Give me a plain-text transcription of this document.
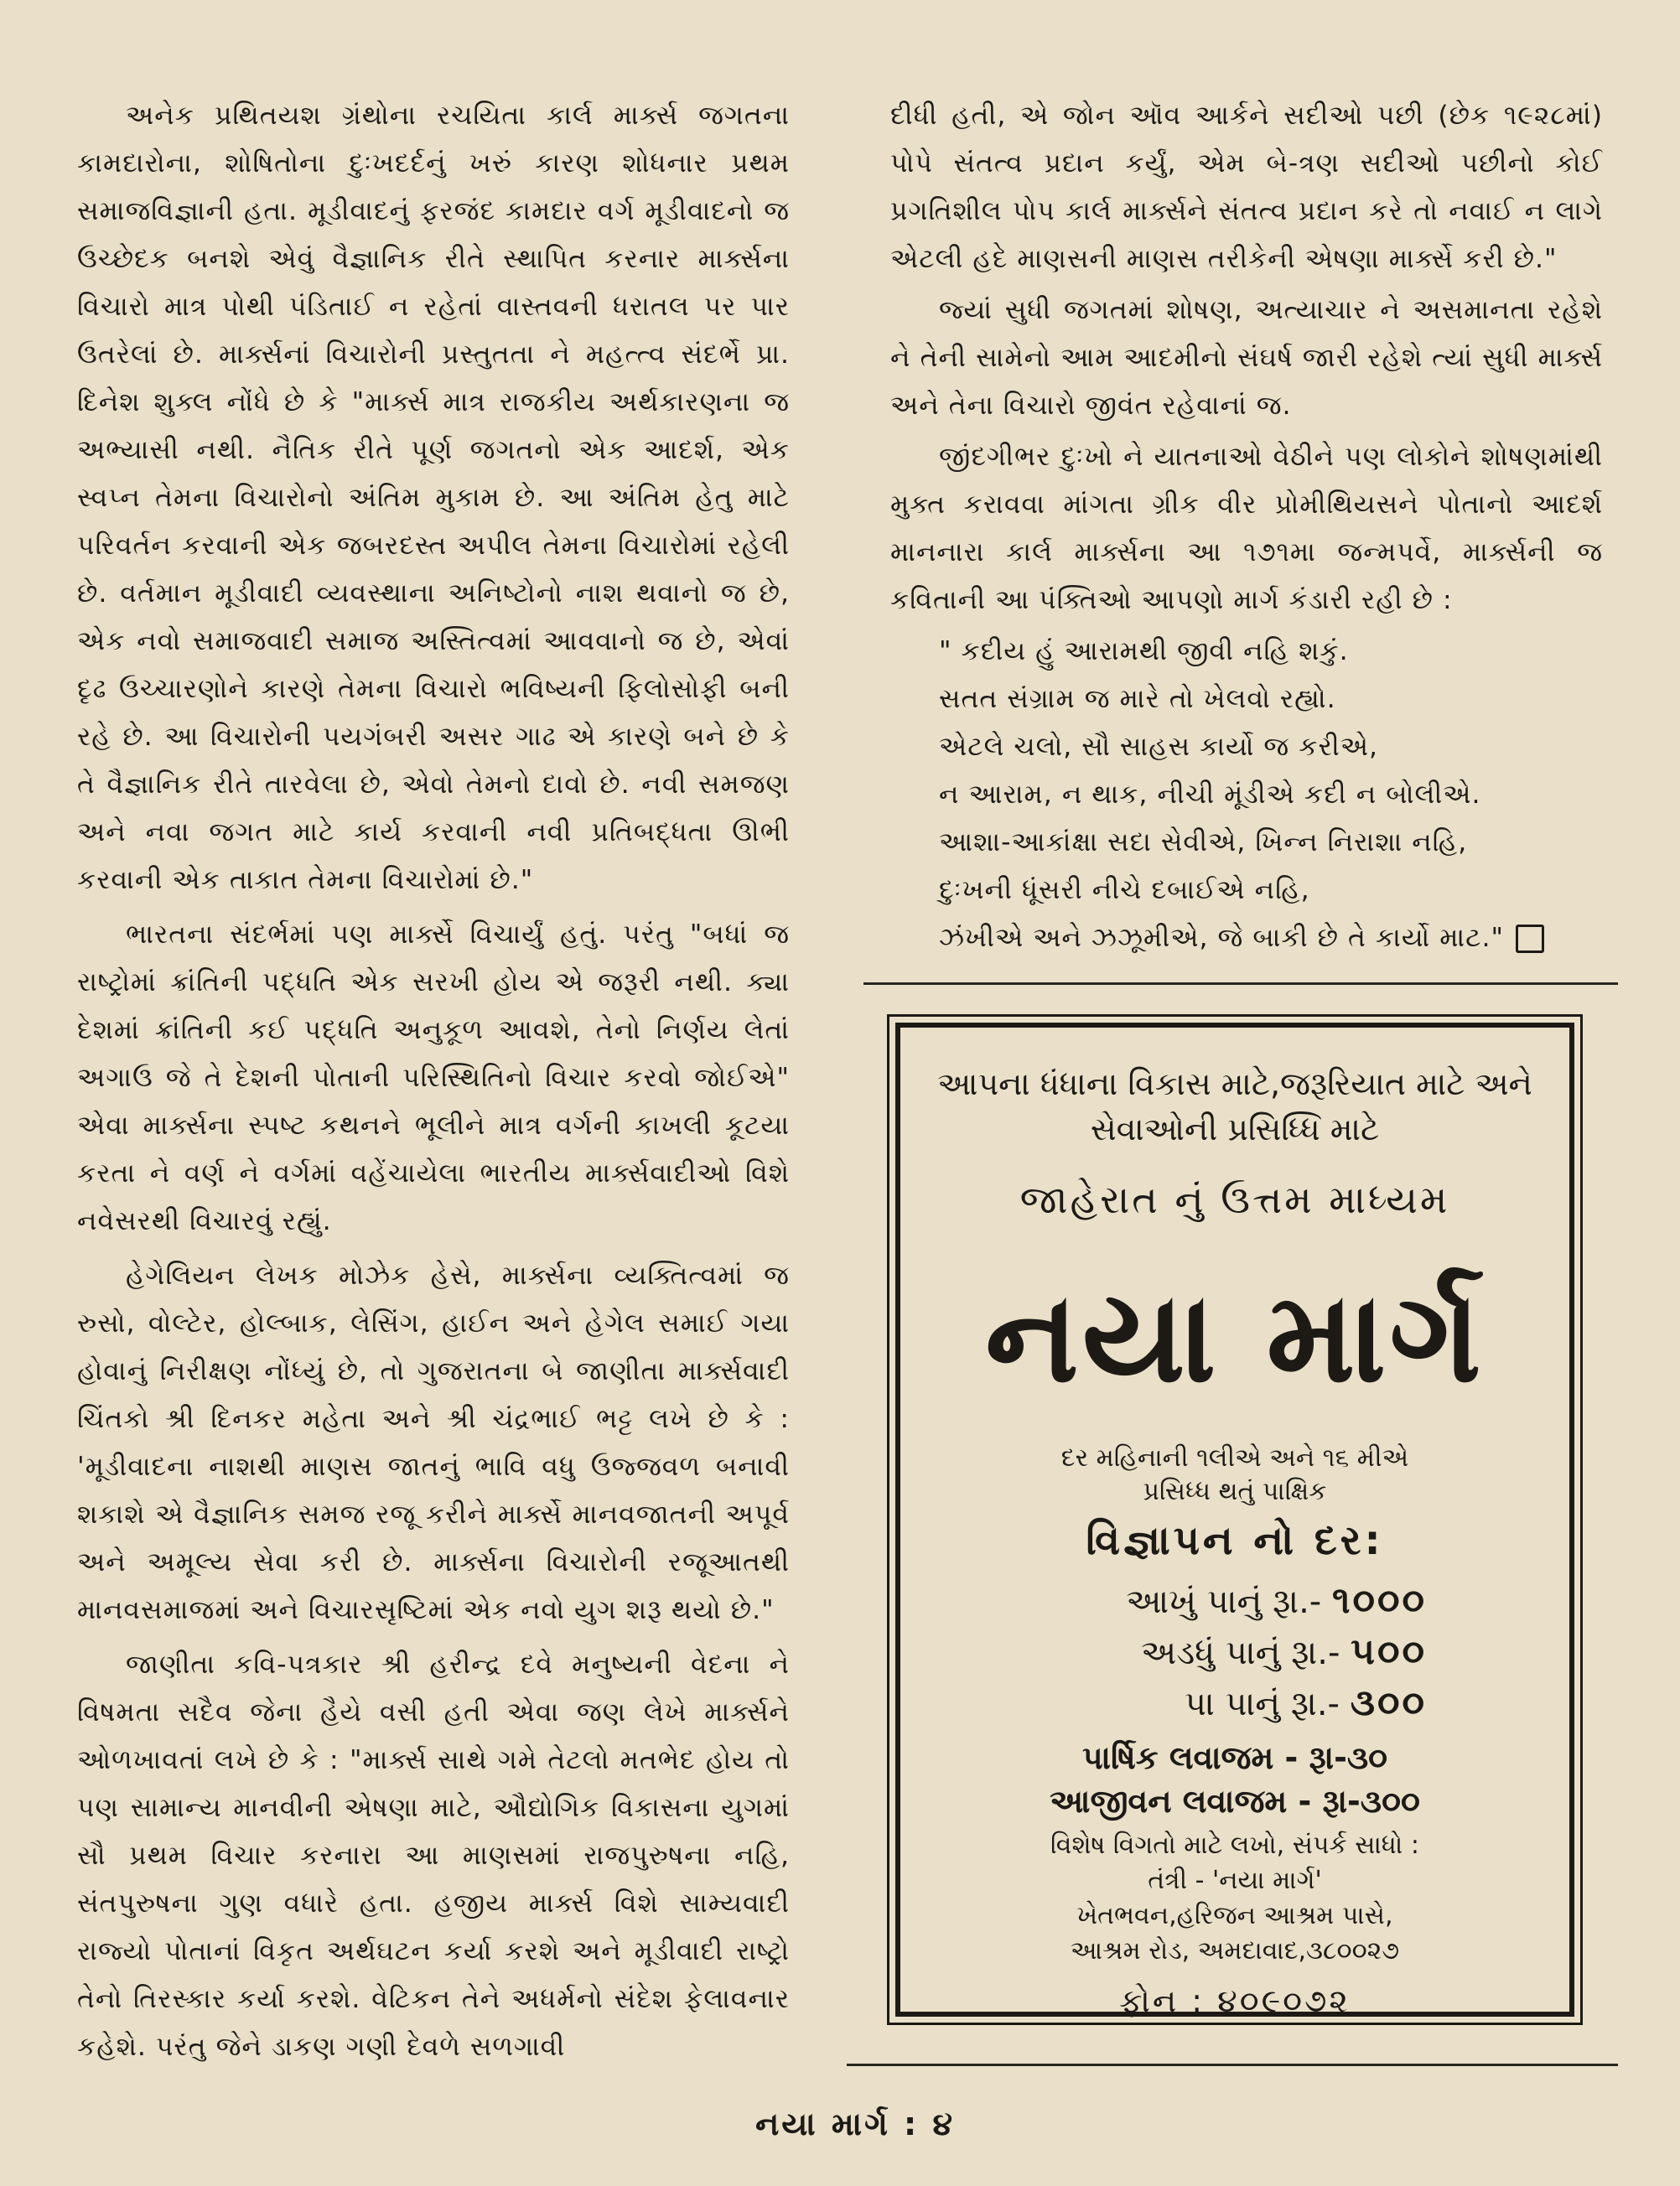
અનેક પ્રથિતયશ ગ્રંથોના રચયિતા કાર્લ માર્ક્સ જગતના કામદારોના, શોષિતોના દુઃખદર્દનું ખરું કારણ શોધનાર પ્રથમ સમાજવિજ્ઞાની હતા. મૂડીવાદનું ફરજંદ કામદાર વર્ગ મૂડીવાદનો જ ઉચ્છેદક બનશે એવું વૈજ્ઞાનિક રીતે સ્થાપિત કરનાર માર્ક્સના વિચારો માત્ર પોથી પંડિતાઈ ન રહેતાં વાસ્તવની ધરાતલ પર પાર ઉતરેલાં છે. માર્ક્સનાં વિચારોની પ્રસ્તુતતા ને મહત્ત્વ સંદર્ભે પ્રા. દિનેશ શુક્લ નોંધે છે કે "માર્ક્સ માત્ર રાજકીય અર્થકારણના જ અભ્યાસી નથી. નૈતિક રીતે પૂર્ણ જગતનો એક આદર્શ, એક સ્વપ્ન તેમના વિચારોનો અંતિમ મુકામ છે. આ અંતિમ હેતુ માટે પરિવર્તન કરવાની એક જબરદસ્ત અપીલ તેમના વિચારોમાં રહેલી છે. વર્તમાન મૂડીવાદી વ્યવસ્થાના અનિષ્ટોનો નાશ થવાનો જ છે, એક નવો સમાજવાદી સમાજ અસ્તિત્વમાં આવવાનો જ છે, એવાં દૃઢ ઉચ્ચારણોને કારણે તેમના વિચારો ભવિષ્યની ફિલોસોફી બની રહે છે. આ વિચારોની પયગંબરી અસર ગાઢ એ કારણે બને છે કે તે વૈજ્ઞાનિક રીતે તારવેલા છે, એવો તેમનો દાવો છે. નવી સમજણ અને નવા જગત માટે કાર્ય કરવાની નવી પ્રતિબદ્ધતા ઊભી કરવાની એક તાકાત તેમના વિચારોમાં છે."

ભારતના સંદર્ભમાં પણ માર્ક્સે વિચાર્યું હતું. પરંતુ "બધાં જ રાષ્ટ્રોમાં ક્રાંતિની પદ્ધતિ એક સરખી હોય એ જરૂરી નથી. ક્યા દેશમાં ક્રાંતિની કઈ પદ્ધતિ અનુકૂળ આવશે, તેનો નિર્ણય લેતાં અગાઉ જે તે દેશની પોતાની પરિસ્થિતિનો વિચાર કરવો જોઈએ" એવા માર્ક્સના સ્પષ્ટ કથનને ભૂલીને માત્ર વર્ગની કાખલી કૂટયા કરતા ને વર્ણ ને વર્ગમાં વહેંચાયેલા ભારતીય માર્ક્સવાદીઓ વિશે નવેસરથી વિચારવું રહ્યું.

હેગેલિયન લેખક મોઝેક હેસે, માર્ક્સના વ્યક્તિત્વમાં જ રુસો, વોલ્ટેર, હોલ્બાક, લેસિંગ, હાઈન અને હેગેલ સમાઈ ગયા હોવાનું નિરીક્ષણ નોંધ્યું છે, તો ગુજરાતના બે જાણીતા માર્ક્સવાદી ચિંતકો શ્રી દિનકર મહેતા અને શ્રી ચંદ્રભાઈ ભટ્ટ લખે છે કે : 'મૂડીવાદના નાશથી માણસ જાતનું ભાવિ વધુ ઉજ્જવળ બનાવી શકાશે એ વૈજ્ઞાનિક સમજ રજૂ કરીને માર્ક્સે માનવજાતની અપૂર્વ અને અમૂલ્ય સેવા કરી છે. માર્ક્સના વિચારોની રજૂઆતથી માનવસમાજમાં અને વિચારસૃષ્ટિમાં એક નવો યુગ શરૂ થયો છે."

જાણીતા કવિ-પત્રકાર શ્રી હરીન્દ્ર દવે મનુષ્યની વેદના ને વિષમતા સદૈવ જેના હૈયે વસી હતી એવા જણ લેખે માર્ક્સને ઓળખાવતાં લખે છે કે : "માર્ક્સ સાથે ગમે તેટલો મતભેદ હોય તો પણ સામાન્ય માનવીની એષણા માટે, ઔદ્યોગિક વિકાસના યુગમાં સૌ પ્રથમ વિચાર કરનારા આ માણસમાં રાજપુરુષના નહિ, સંતપુરુષના ગુણ વધારે હતા. હજીય માર્ક્સ વિશે સામ્યવાદી રાજ્યો પોતાનાં વિકૃત અર્થઘટન કર્યા કરશે અને મૂડીવાદી રાષ્ટ્રો તેનો તિરસ્કાર કર્યા કરશે. વેટિકન તેને અધર્મનો સંદેશ ફેલાવનાર કહેશે. પરંતુ જેને ડાકણ ગણી દેવળે સળગાવી

દીધી હતી, એ જોન ઑવ આર્કને સદીઓ પછી (છેક ૧૯૨૮માં) પોપે સંતત્વ પ્રદાન કર્યું, એમ બે-ત્રણ સદીઓ પછીનો કોઈ પ્રગતિશીલ પોપ કાર્લ માર્ક્સને સંતત્વ પ્રદાન કરે તો નવાઈ ન લાગે એટલી હદે માણસની માણસ તરીકેની એષણા માર્ક્સે કરી છે."

જ્યાં સુધી જગતમાં શોષણ, અત્યાચાર ને અસમાનતા રહેશે ને તેની સામેનો આમ આદમીનો સંઘર્ષ જારી રહેશે ત્યાં સુધી માર્ક્સ અને તેના વિચારો જીવંત રહેવાનાં જ.

જીંદગીભર દુઃખો ને યાતનાઓ વેઠીને પણ લોકોને શોષણમાંથી મુક્ત કરાવવા માંગતા ગ્રીક વીર પ્રોમીથિયસને પોતાનો આદર્શ માનનારા કાર્લ માર્ક્સના આ ૧૭૧મા જન્મપર્વે, માર્ક્સની જ કવિતાની આ પંક્તિઓ આપણો માર્ગ કંડારી રહી છે :

" કદીય હું આરામથી જીવી નહિ શકું.
સતત સંગ્રામ જ મારે તો ખેલવો રહ્યો.
એટલે ચલો, સૌ સાહસ કાર્યો જ કરીએ,
ન આરામ, ન થાક, નીચી મૂંડીએ કદી ન બોલીએ.
આશા-આકાંક્ષા સદા સેવીએ, ખિન્ન નિરાશા નહિ,
દુઃખની ધૂંસરી નીચે દબાઈએ નહિ,
ઝંખીએ અને ઝઝૂમીએ, જે બાકી છે તે કાર્યો માટ."
આપના ધંધાના વિકાસ માટે,જરૂરિયાત માટે અને
સેવાઓની પ્રસિધ્ધિ માટે
જાહેરાત નું ઉત્તમ માધ્યમ
નયા માર્ગ
દર મહિનાની ૧લીએ અને ૧૬ મીએ
પ્રસિધ્ધ થતું પાક્ષિક
વિજ્ઞાપન નો દર:
આખું પાનું રૂા.- ૧૦૦૦
અડધું પાનું રૂા.- ૫૦૦
પા પાનું રૂા.- ૩૦૦
પાર્ષિક લવાજમ - રૂા-૩૦
આજીવન લવાજમ - રૂા-૩૦૦
વિશેષ વિગતો માટે લખો, સંપર્ક સાધો :
તંત્રી - 'નયા માર્ગ'
ખેતભવન,હરિજન આશ્રમ પાસે,
આશ્રમ રોડ, અમદાવાદ,૩૮૦૦૨૭
ફોન : ૪૦૯૦૭૨
નયા માર્ગ : ૪
